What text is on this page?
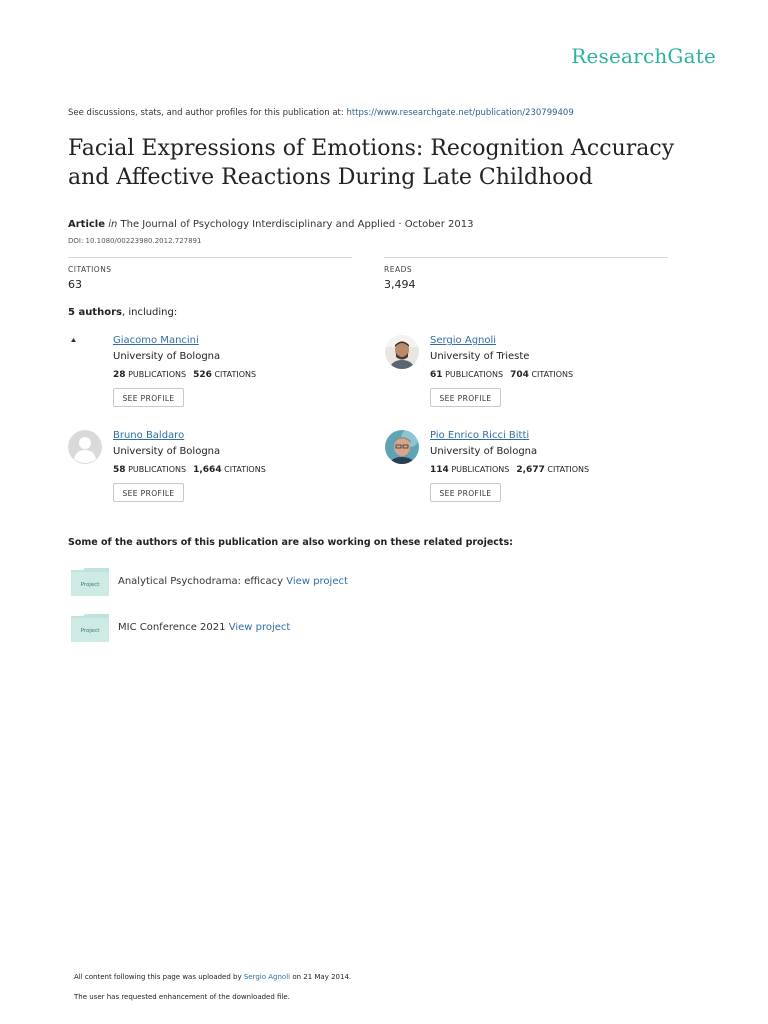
ResearchGate
See discussions, stats, and author profiles for this publication at: https://www.researchgate.net/publication/230799409
Facial Expressions of Emotions: Recognition Accuracy
and Affective Reactions During Late Childhood
Article in The Journal of Psychology Interdisciplinary and Applied · October 2013
DOI: 10.1080/00223980.2012.727891
CITATIONS
63
READS
3,494
5 authors, including:
Giacomo Mancini
University of Bologna
28 PUBLICATIONS 526 CITATIONS
SEE PROFILE
Sergio Agnoli
University of Trieste
61 PUBLICATIONS 704 CITATIONS
SEE PROFILE
Bruno Baldaro
University of Bologna
58 PUBLICATIONS 1,664 CITATIONS
SEE PROFILE
Pio Enrico Ricci Bitti
University of Bologna
114 PUBLICATIONS 2,677 CITATIONS
SEE PROFILE
Some of the authors of this publication are also working on these related projects:
Project Analytical Psychodrama: efficacy View project
Project MIC Conference 2021 View project
All content following this page was uploaded by Sergio Agnoli on 21 May 2014.
The user has requested enhancement of the downloaded file.
